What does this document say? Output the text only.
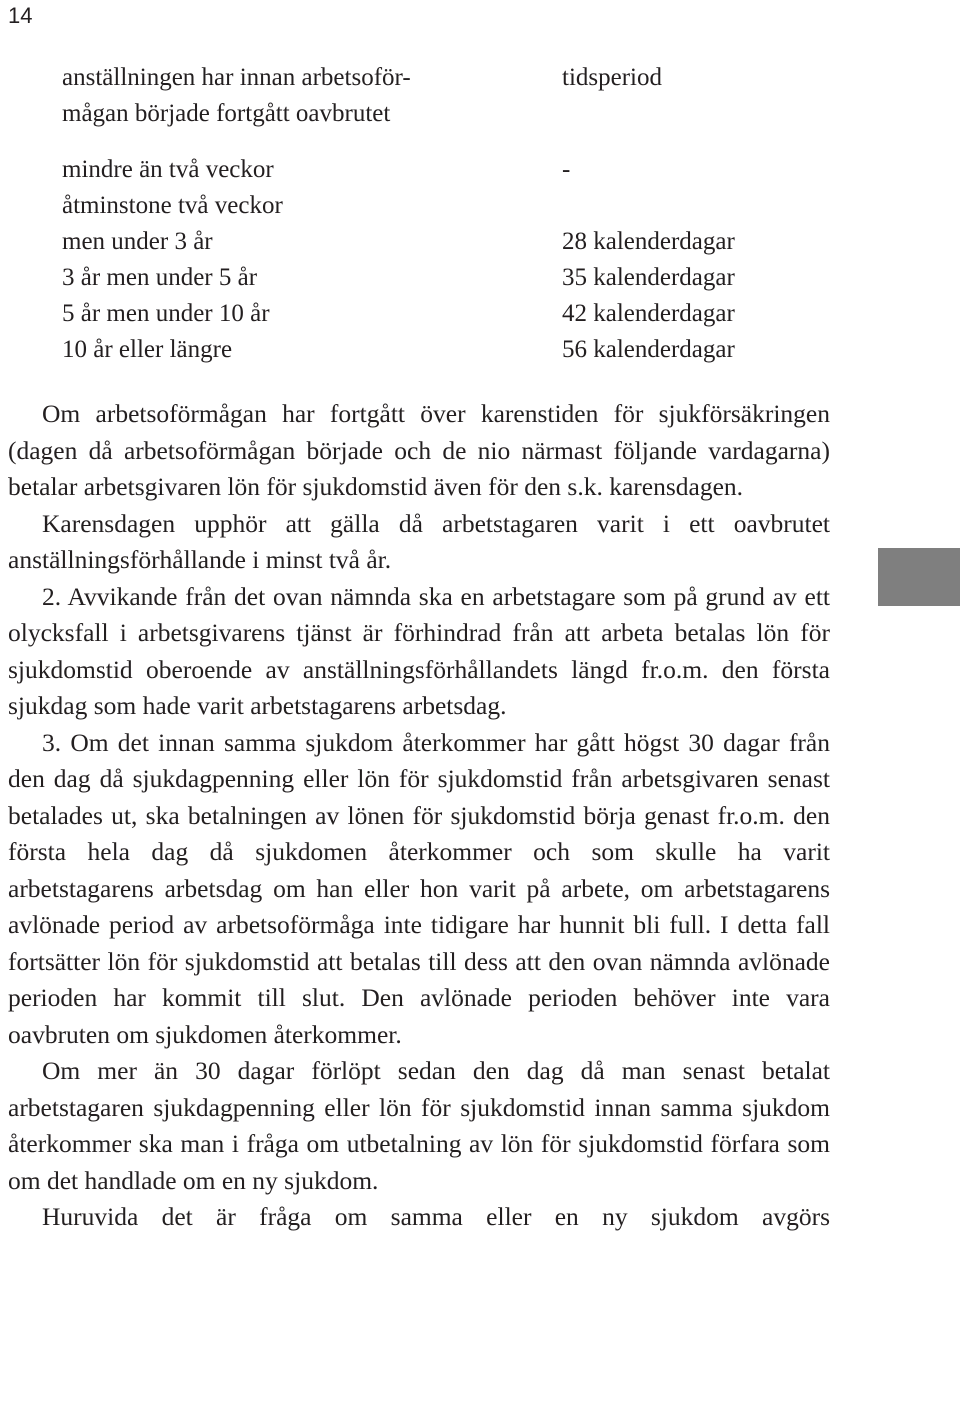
14
anställningen har innan arbetsoför-
mågan började fortgått oavbrutet
mindre än två veckor
åtminstone två veckor
men under 3 år
3 år men under 5 år
5 år men under 10 år
10 år eller längre
tidsperiod
-
28 kalenderdagar
35 kalenderdagar
42 kalenderdagar
56 kalenderdagar
Om arbetsoförmågan har fortgått över karenstiden för sjukförsäkringen (dagen då arbetsoförmågan började och de nio närmast följande vardagarna) betalar arbetsgivaren lön för sjukdomstid även för den s.k. karensdagen.
Karensdagen upphör att gälla då arbetstagaren varit i ett oavbrutet anställningsförhållande i minst två år.
2. Avvikande från det ovan nämnda ska en arbetstagare som på grund av ett olycksfall i arbetsgivarens tjänst är förhindrad från att arbeta betalas lön för sjukdomstid oberoende av anställningsförhållandets längd fr.o.m. den första sjukdag som hade varit arbetstagarens arbetsdag.
3. Om det innan samma sjukdom återkommer har gått högst 30 dagar från den dag då sjukdagpenning eller lön för sjukdomstid från arbetsgivaren senast betalades ut, ska betalningen av lönen för sjukdomstid börja genast fr.o.m. den första hela dag då sjukdomen återkommer och som skulle ha varit arbetstagarens arbetsdag om han eller hon varit på arbete, om arbetstagarens avlönade period av arbetsoförmåga inte tidigare har hunnit bli full. I detta fall fortsätter lön för sjukdomstid att betalas till dess att den ovan nämnda avlönade perioden har kommit till slut. Den avlönade perioden behöver inte vara oavbruten om sjukdomen återkommer.
Om mer än 30 dagar förlöpt sedan den dag då man senast betalat arbetstagaren sjukdagpenning eller lön för sjukdomstid innan samma sjukdom återkommer ska man i fråga om utbetalning av lön för sjukdomstid förfara som om det handlade om en ny sjukdom.
Huruvida det är fråga om samma eller en ny sjukdom avgörs
